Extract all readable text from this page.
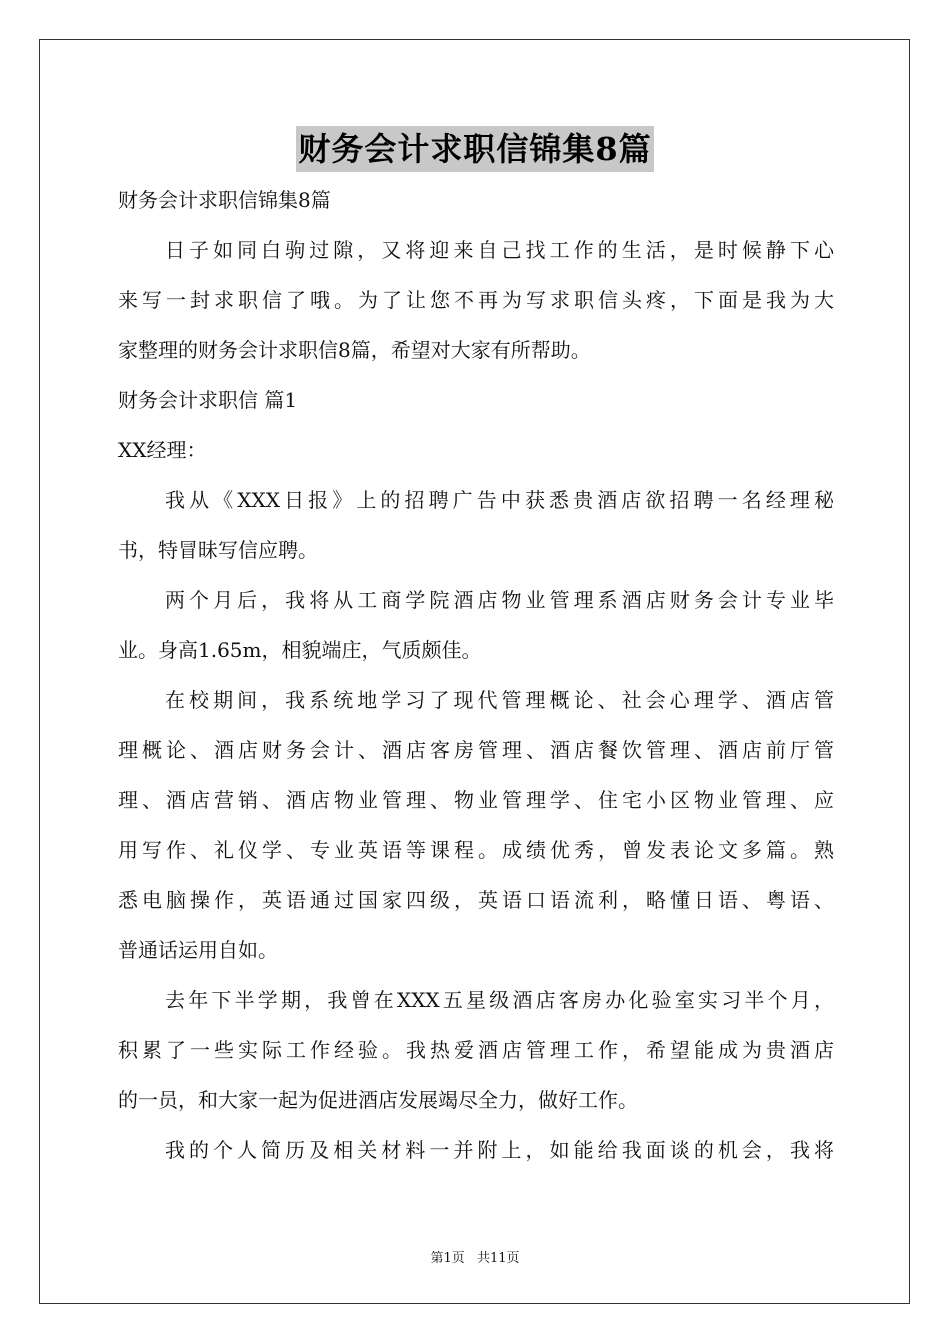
财务会计求职信锦集8篇
财务会计求职信锦集8篇
日子如同白驹过隙，又将迎来自己找工作的生活，是时候静下心
来写一封求职信了哦。为了让您不再为写求职信头疼，下面是我为大
家整理的财务会计求职信8篇，希望对大家有所帮助。
财务会计求职信 篇1
XX经理：
我从《XXX日报》上的招聘广告中获悉贵酒店欲招聘一名经理秘
书，特冒昧写信应聘。
两个月后，我将从工商学院酒店物业管理系酒店财务会计专业毕
业。身高1.65m，相貌端庄，气质颇佳。
在校期间，我系统地学习了现代管理概论、社会心理学、酒店管
理概论、酒店财务会计、酒店客房管理、酒店餐饮管理、酒店前厅管
理、酒店营销、酒店物业管理、物业管理学、住宅小区物业管理、应
用写作、礼仪学、专业英语等课程。成绩优秀，曾发表论文多篇。熟
悉电脑操作，英语通过国家四级，英语口语流利，略懂日语、粤语、
普通话运用自如。
去年下半学期，我曾在XXX五星级酒店客房办化验室实习半个月，
积累了一些实际工作经验。我热爱酒店管理工作，希望能成为贵酒店
的一员，和大家一起为促进酒店发展竭尽全力，做好工作。
我的个人简历及相关材料一并附上，如能给我面谈的机会，我将
第1页 共11页
